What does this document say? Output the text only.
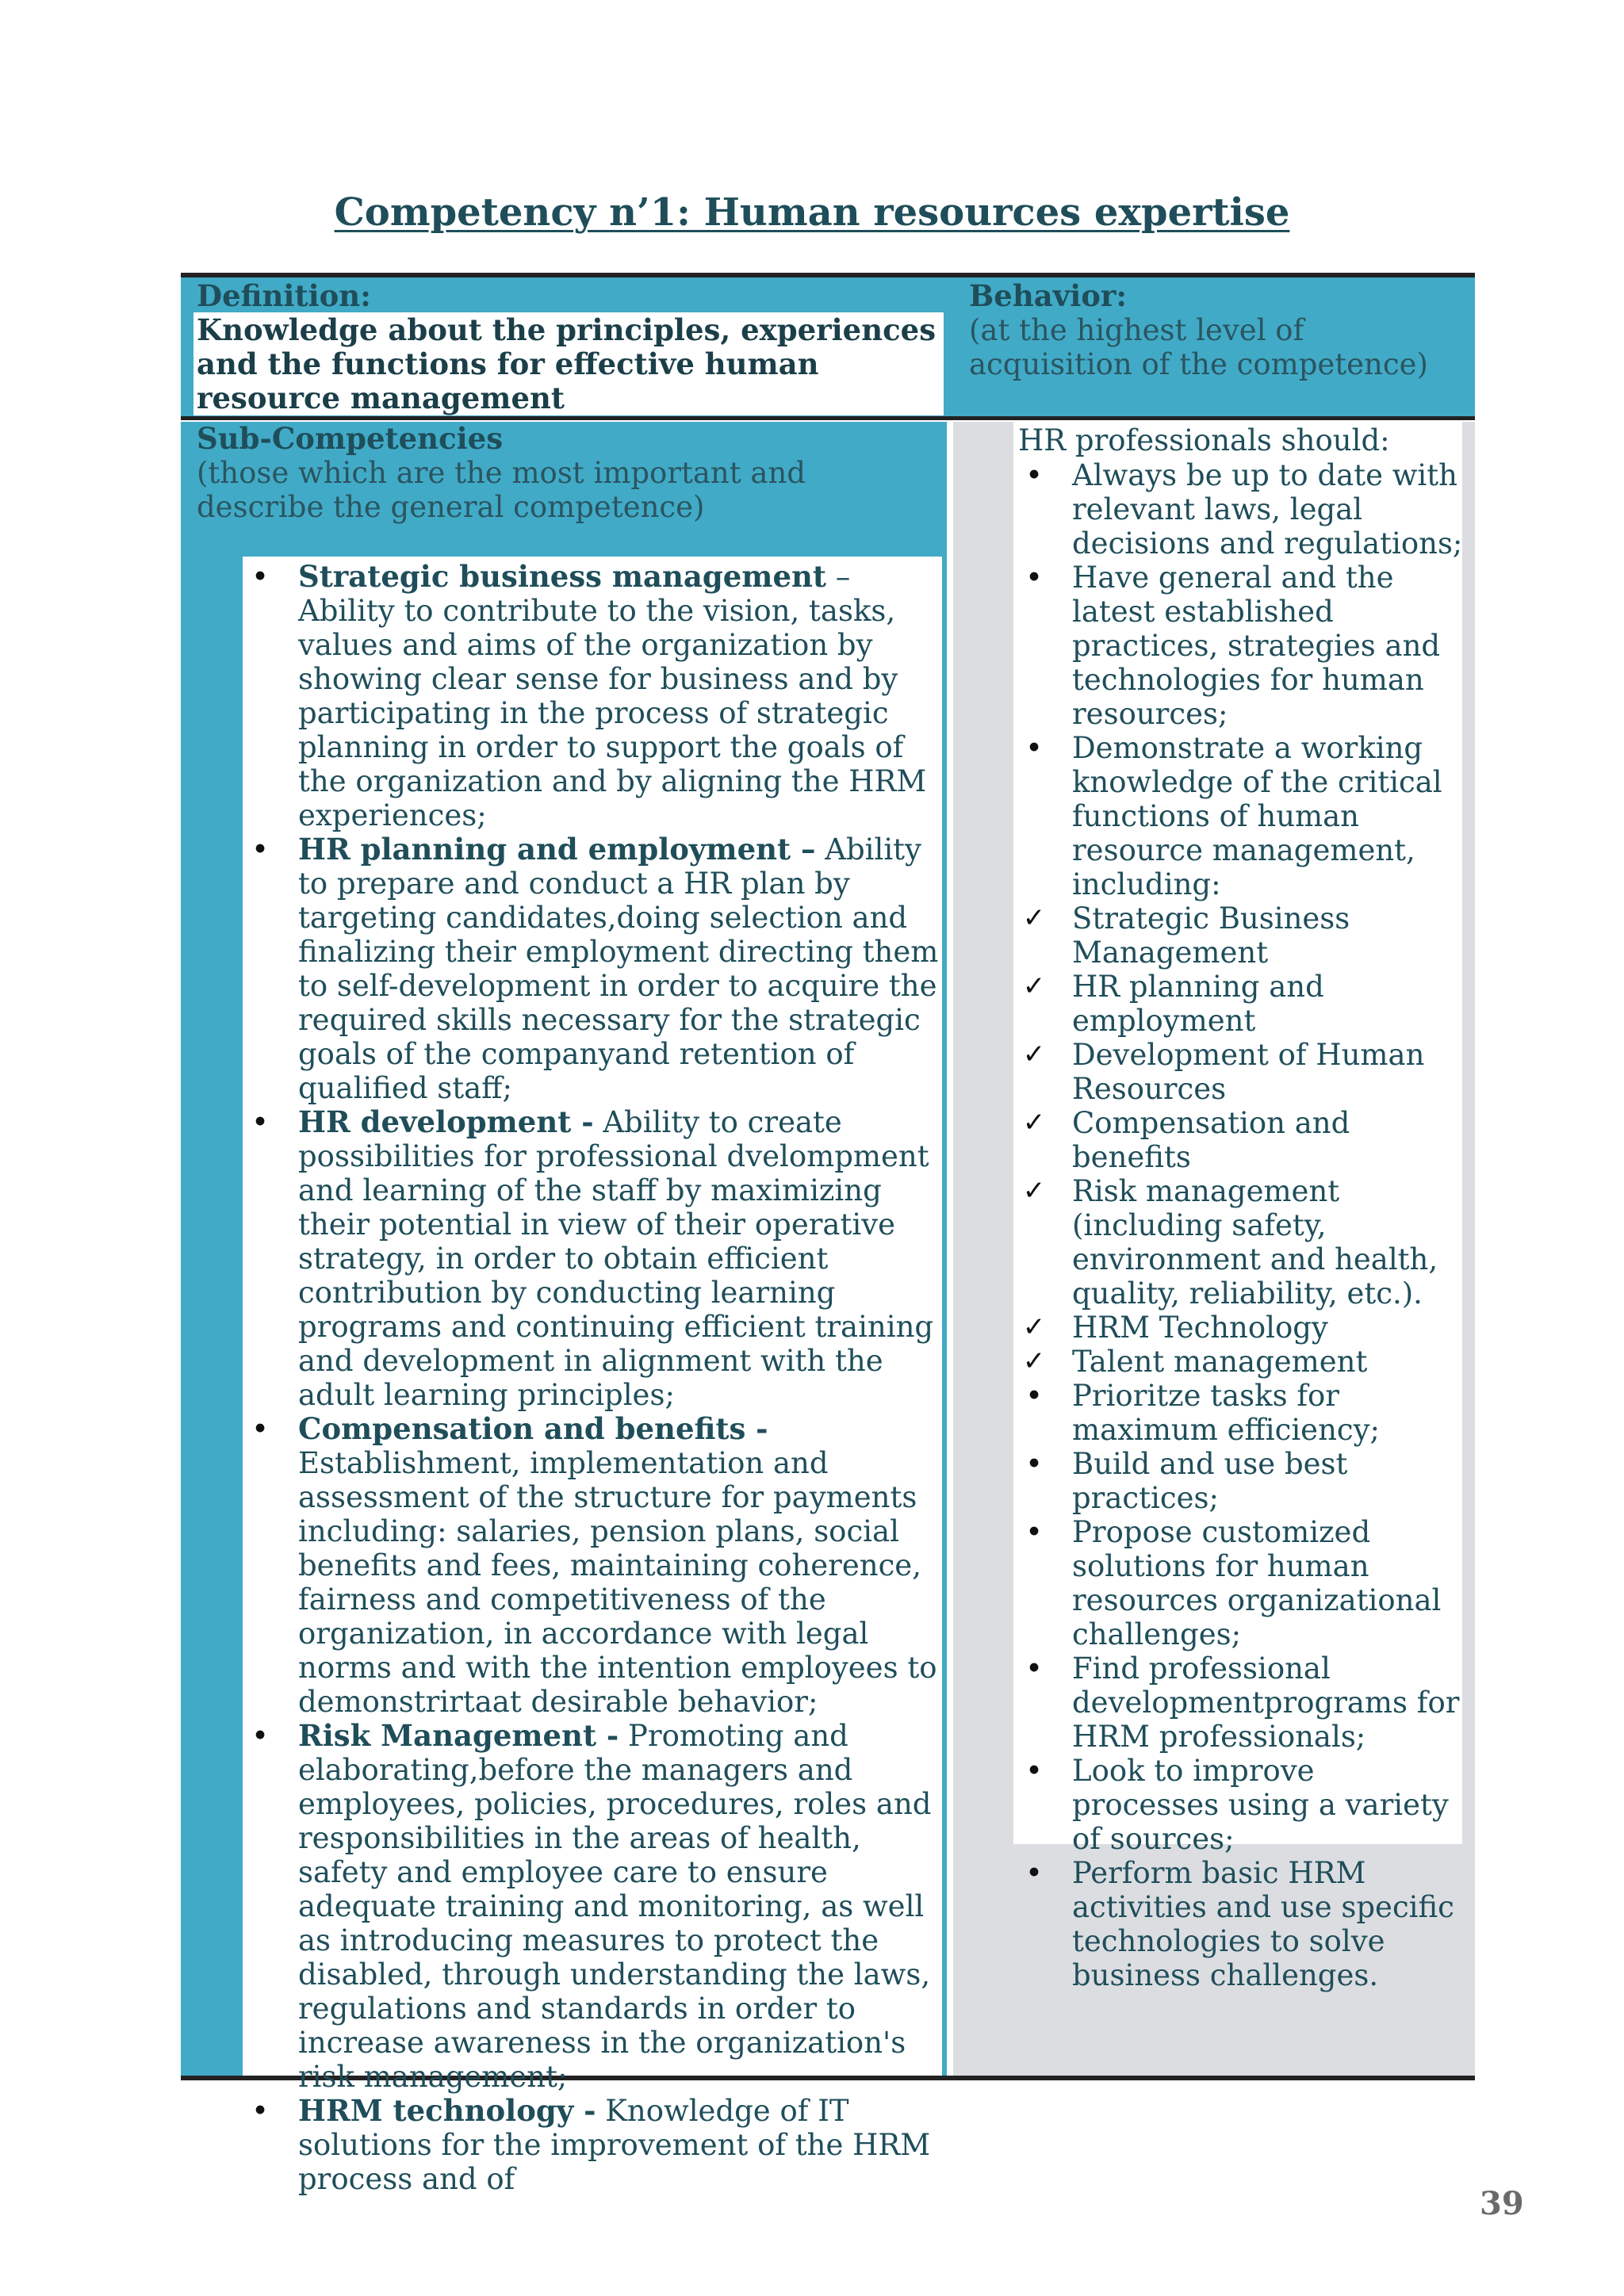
Competency n’1: Human resources expertise
Definition:
Knowledge about the principles, experiences and the functions for effective human resource management
Behavior:
(at the highest level of acquisition of the competence)
Sub-Competencies
(those which are the most important and describe the general competence)
• Strategic business management –Ability to contribute to the vision, tasks, values and aims of the organization by showing clear sense for business and by participating in the process of strategic planning in order to support the goals of the organization and by aligning the HRM experiences;
• HR planning and employment – Ability to prepare and conduct a HR plan by targeting candidates,doing selection and finalizing their employment directing them to self-development in order to acquire the required skills necessary for the strategic goals of the companyand retention of qualified staff;
• HR development - Ability to create possibilities for professional dvelompment and learning of the staff by maximizing their potential in view of their operative strategy, in order to obtain efficient contribution by conducting learning programs and continuing efficient training and development in alignment with the adult learning principles;
• Compensation and benefits - Establishment, implementation and assessment of the structure for payments including: salaries, pension plans, social benefits and fees, maintaining coherence, fairness and competitiveness of the organization, in accordance with legal norms and with the intention employees to demonstrirtaat desirable behavior;
• Risk Management - Promoting and elaborating,before the managers and employees, policies, procedures, roles and responsibilities in the areas of health, safety and employee care to ensure adequate training and monitoring, as well as introducing measures to protect the disabled, through understanding the laws, regulations and standards in order to increase awareness in the organization's risk management;
• HRM technology - Knowledge of IT solutions for the improvement of the HRM process and of
HR professionals should:
• Always be up to date with relevant laws, legal decisions and regulations;
• Have general and the latest established practices, strategies and technologies for human resources;
• Demonstrate a working knowledge of the critical functions of human resource management, including:
✓ Strategic Business Management
✓ HR planning and employment
✓ Development of Human Resources
✓ Compensation and benefits
✓ Risk management (including safety, environment and health, quality, reliability, etc.).
✓ HRM Technology
✓ Talent management
• Prioritze tasks for maximum efficiency;
• Build and use best practices;
• Propose customized solutions for human resources organizational challenges;
• Find professional developmentprograms for HRM professionals;
• Look to improve processes using a variety of sources;
• Perform basic HRM activities and use specific technologies to solve business challenges.
39
